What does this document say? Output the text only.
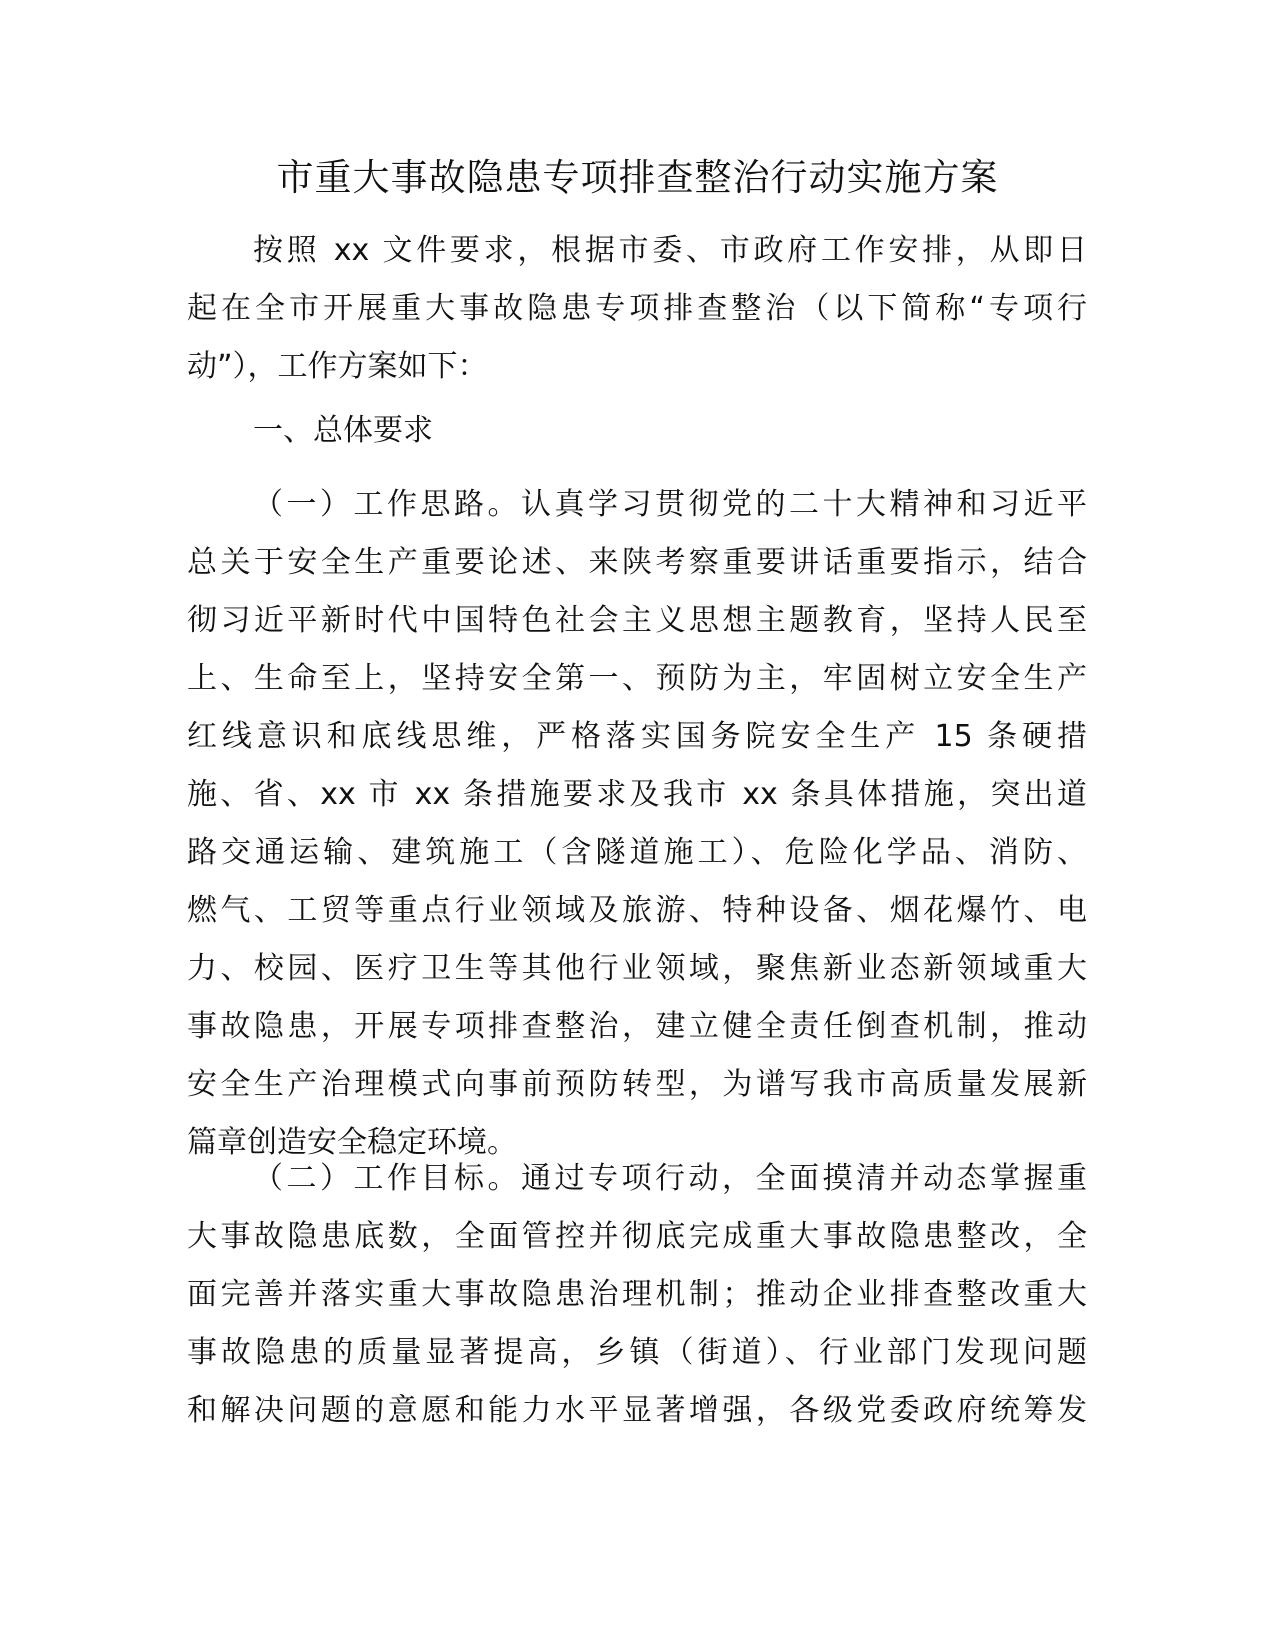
市重大事故隐患专项排查整治行动实施方案
按照 xx 文件要求，根据市委、市政府工作安排，从即日
起在全市开展重大事故隐患专项排查整治（以下简称“专项行
动”），工作方案如下：
一、总体要求
（一）工作思路。认真学习贯彻党的二十大精神和习近平
总关于安全生产重要论述、来陕考察重要讲话重要指示，结合
彻习近平新时代中国特色社会主义思想主题教育，坚持人民至
上、生命至上，坚持安全第一、预防为主，牢固树立安全生产
红线意识和底线思维，严格落实国务院安全生产 15 条硬措
施、省、xx 市 xx 条措施要求及我市 xx 条具体措施，突出道
路交通运输、建筑施工（含隧道施工）、危险化学品、消防、
燃气、工贸等重点行业领域及旅游、特种设备、烟花爆竹、电
力、校园、医疗卫生等其他行业领域，聚焦新业态新领域重大
事故隐患，开展专项排查整治，建立健全责任倒查机制，推动
安全生产治理模式向事前预防转型，为谱写我市高质量发展新
篇章创造安全稳定环境。
（二）工作目标。通过专项行动，全面摸清并动态掌握重
大事故隐患底数，全面管控并彻底完成重大事故隐患整改，全
面完善并落实重大事故隐患治理机制；推动企业排查整改重大
事故隐患的质量显著提高，乡镇（街道）、行业部门发现问题
和解决问题的意愿和能力水平显著增强，各级党委政府统筹发
